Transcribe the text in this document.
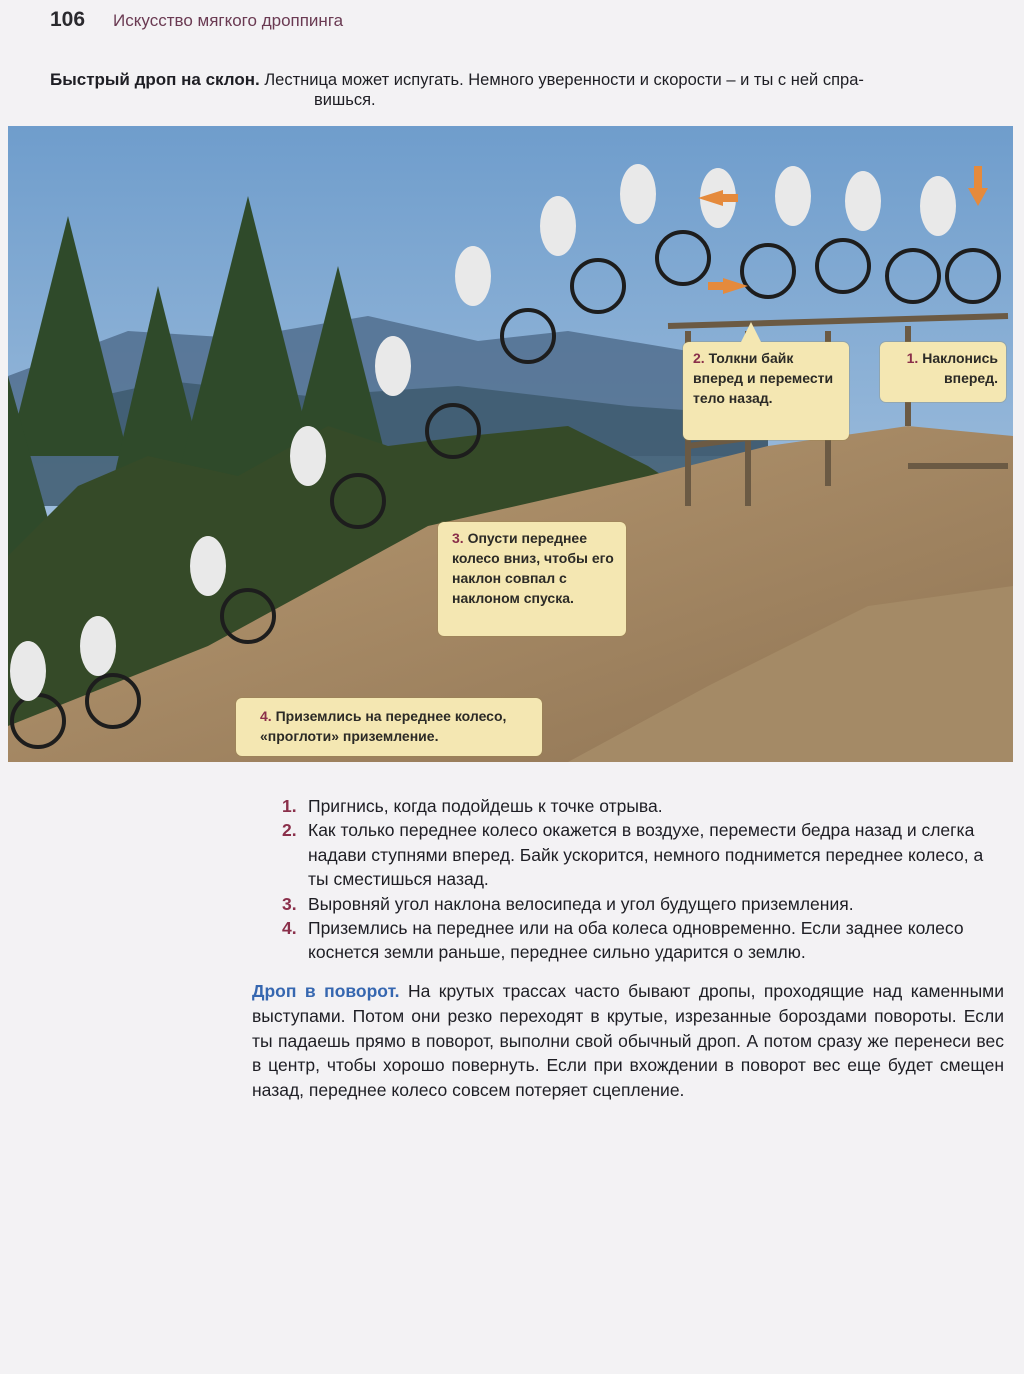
106 Искусство мягкого дроппинга
Быстрый дроп на склон. Лестница может испугать. Немного уверенности и скорости – и ты с ней спра-
вишься.
1. Наклонись вперед.
2. Толкни байк вперед и перемести тело назад.
3. Опусти переднее колесо вниз, чтобы его наклон совпал с наклоном спуска.
4. Приземлись на переднее колесо, «проглоти» приземление.
1. Пригнись, когда подойдешь к точке отрыва.
2. Как только переднее колесо окажется в воздухе, перемести бедра назад и слегка надави ступнями вперед. Байк ускорится, немного поднимется переднее колесо, а ты сместишься назад.
3. Выровняй угол наклона велосипеда и угол будущего приземления.
4. Приземлись на переднее или на оба колеса одновременно. Если заднее колесо коснется земли раньше, переднее сильно ударится о землю.

Дроп в поворот. На крутых трассах часто бывают дропы, проходящие над каменными выступами. Потом они резко переходят в крутые, изрезанные бороздами повороты. Если ты падаешь прямо в поворот, выполни свой обычный дроп. А потом сразу же перенеси вес в центр, чтобы хорошо повернуть. Если при вхождении в поворот вес еще будет смещен назад, переднее колесо совсем потеряет сцепление.
